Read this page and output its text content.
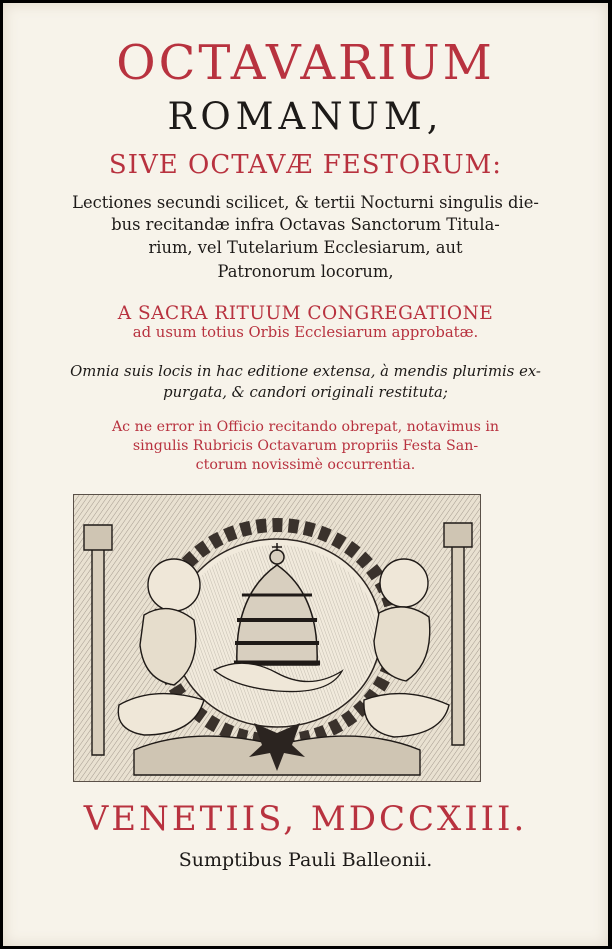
OCTAVARIUM
ROMANUM,
SIVE OCTAVÆ FESTORUM:
Lectiones secundi scilicet, & tertii Nocturni singulis die-
bus recitandæ infra Octavas Sanctorum Titula-
rium, vel Tutelarium Ecclesiarum, aut
Patronorum locorum,
A SACRA RITUUM CONGREGATIONE
ad usum totius Orbis Ecclesiarum approbatæ.
Omnia suis locis in hac editione extensa, à mendis plurimis ex-
purgata, & candori originali restituta;
Ac ne error in Officio recitando obrepat, notavimus in
singulis Rubricis Octavarum propriis Festa San-
ctorum novissimè occurrentia.
VENETIIS, MDCCXIII.
Sumptibus Pauli Balleonii.
